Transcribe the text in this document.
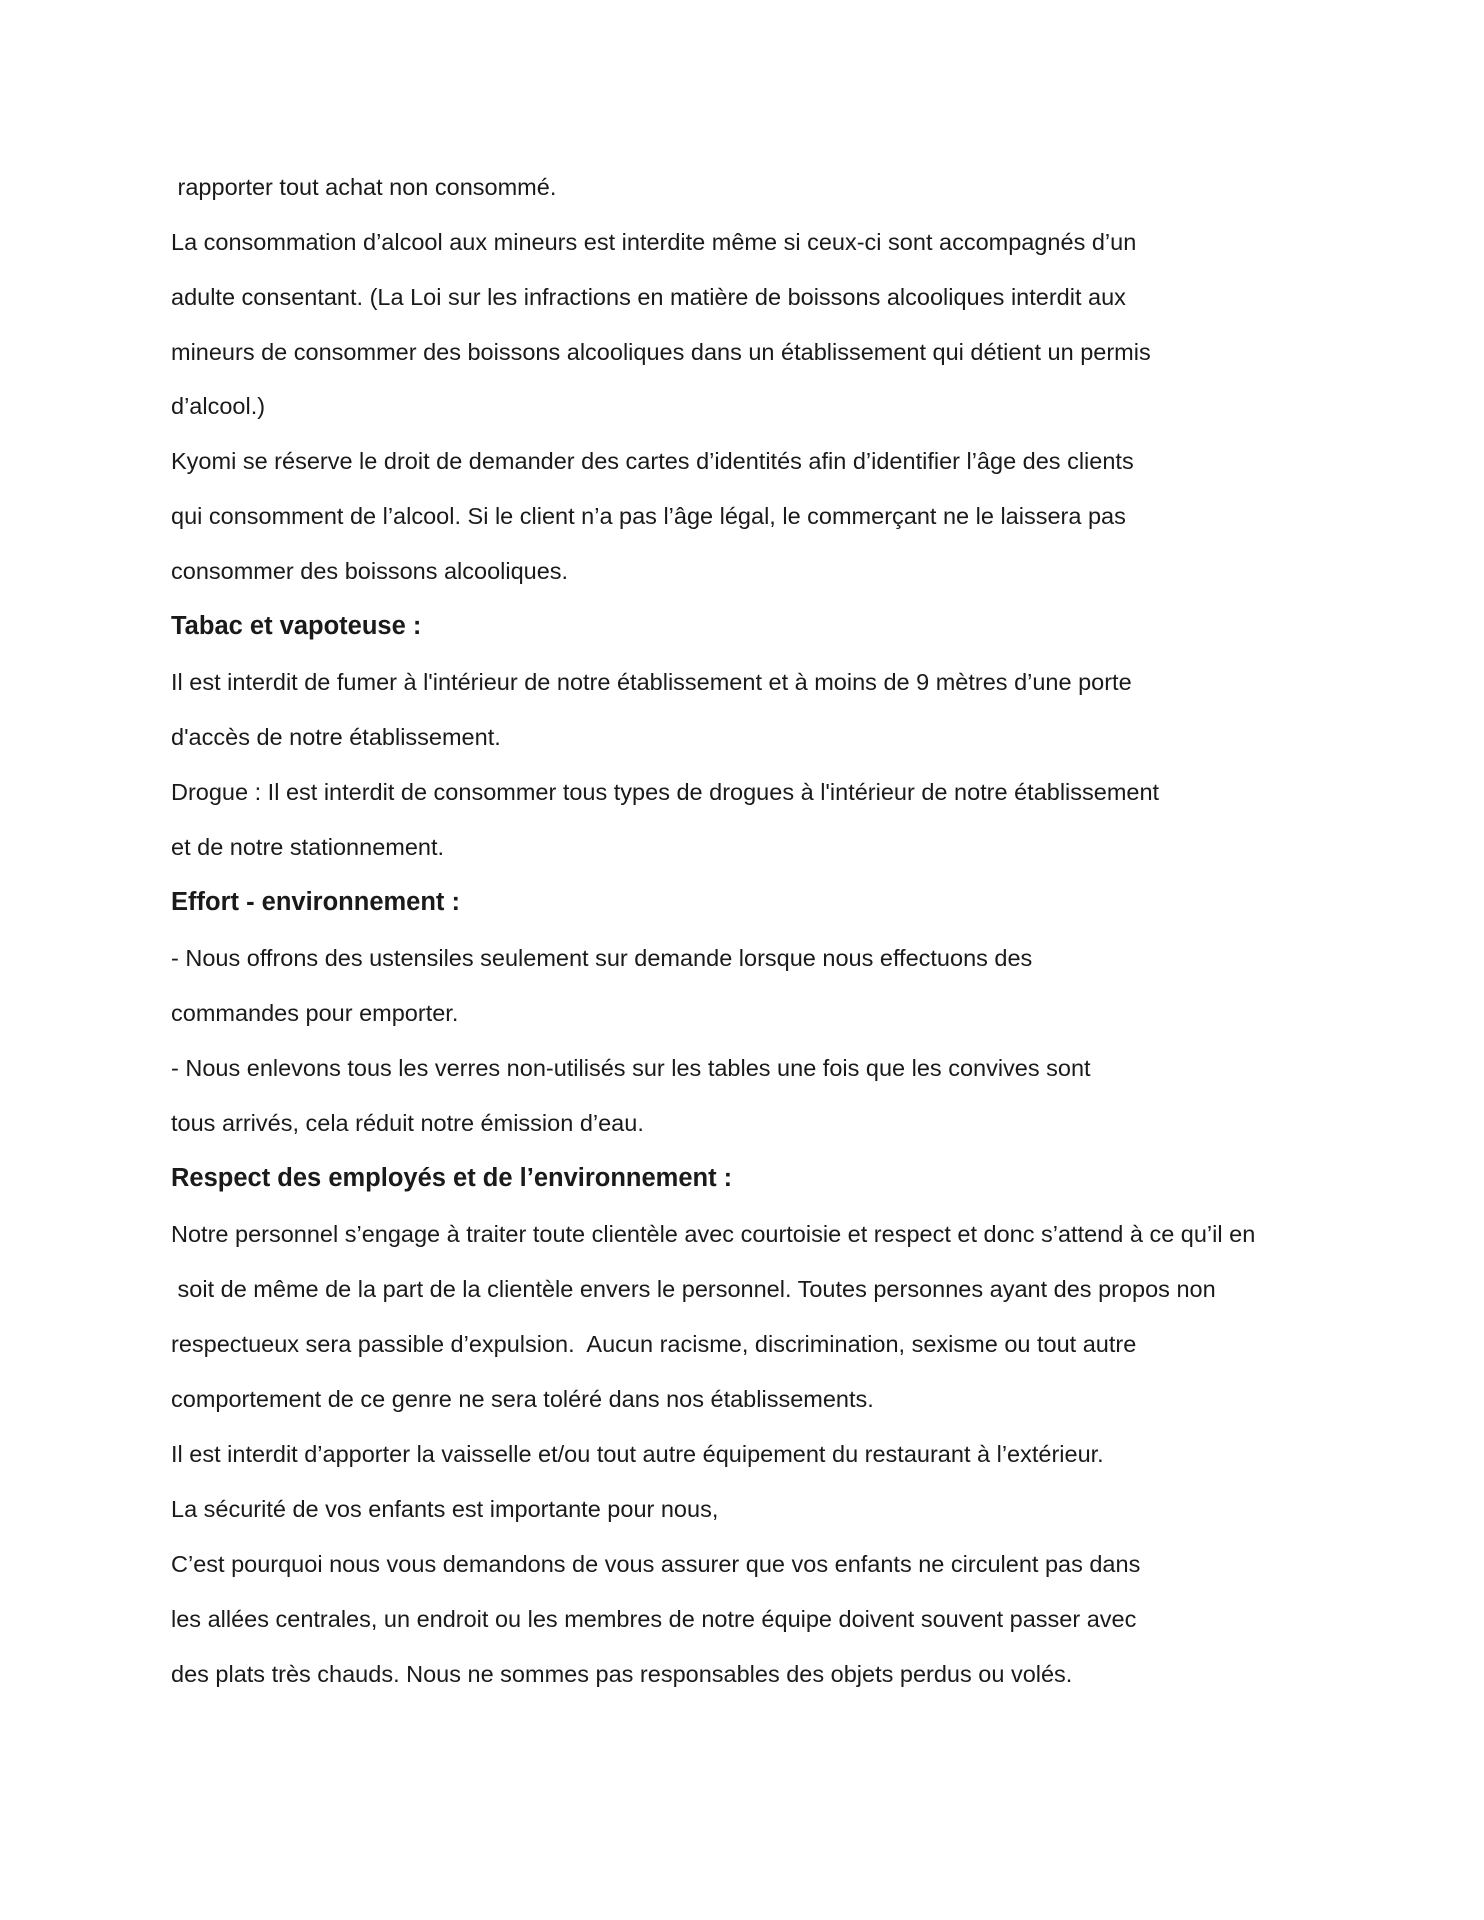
rapporter tout achat non consommé.

La consommation d’alcool aux mineurs est interdite même si ceux-ci sont accompagnés d’un

adulte consentant. (La Loi sur les infractions en matière de boissons alcooliques interdit aux

mineurs de consommer des boissons alcooliques dans un établissement qui détient un permis

d’alcool.)

Kyomi se réserve le droit de demander des cartes d’identités afin d’identifier l’âge des clients

qui consomment de l’alcool. Si le client n’a pas l’âge légal, le commerçant ne le laissera pas

consommer des boissons alcooliques.

Tabac et vapoteuse :

Il est interdit de fumer à l'intérieur de notre établissement et à moins de 9 mètres d’une porte

d'accès de notre établissement.

Drogue : Il est interdit de consommer tous types de drogues à l'intérieur de notre établissement

et de notre stationnement.

Effort - environnement :

- Nous offrons des ustensiles seulement sur demande lorsque nous effectuons des

commandes pour emporter.

- Nous enlevons tous les verres non-utilisés sur les tables une fois que les convives sont

tous arrivés, cela réduit notre émission d’eau.

Respect des employés et de l’environnement :

Notre personnel s’engage à traiter toute clientèle avec courtoisie et respect et donc s’attend à ce qu’il en

soit de même de la part de la clientèle envers le personnel. Toutes personnes ayant des propos non

respectueux sera passible d’expulsion.  Aucun racisme, discrimination, sexisme ou tout autre

comportement de ce genre ne sera toléré dans nos établissements.

Il est interdit d’apporter la vaisselle et/ou tout autre équipement du restaurant à l’extérieur.

La sécurité de vos enfants est importante pour nous,

C’est pourquoi nous vous demandons de vous assurer que vos enfants ne circulent pas dans

les allées centrales, un endroit ou les membres de notre équipe doivent souvent passer avec

des plats très chauds. Nous ne sommes pas responsables des objets perdus ou volés.
